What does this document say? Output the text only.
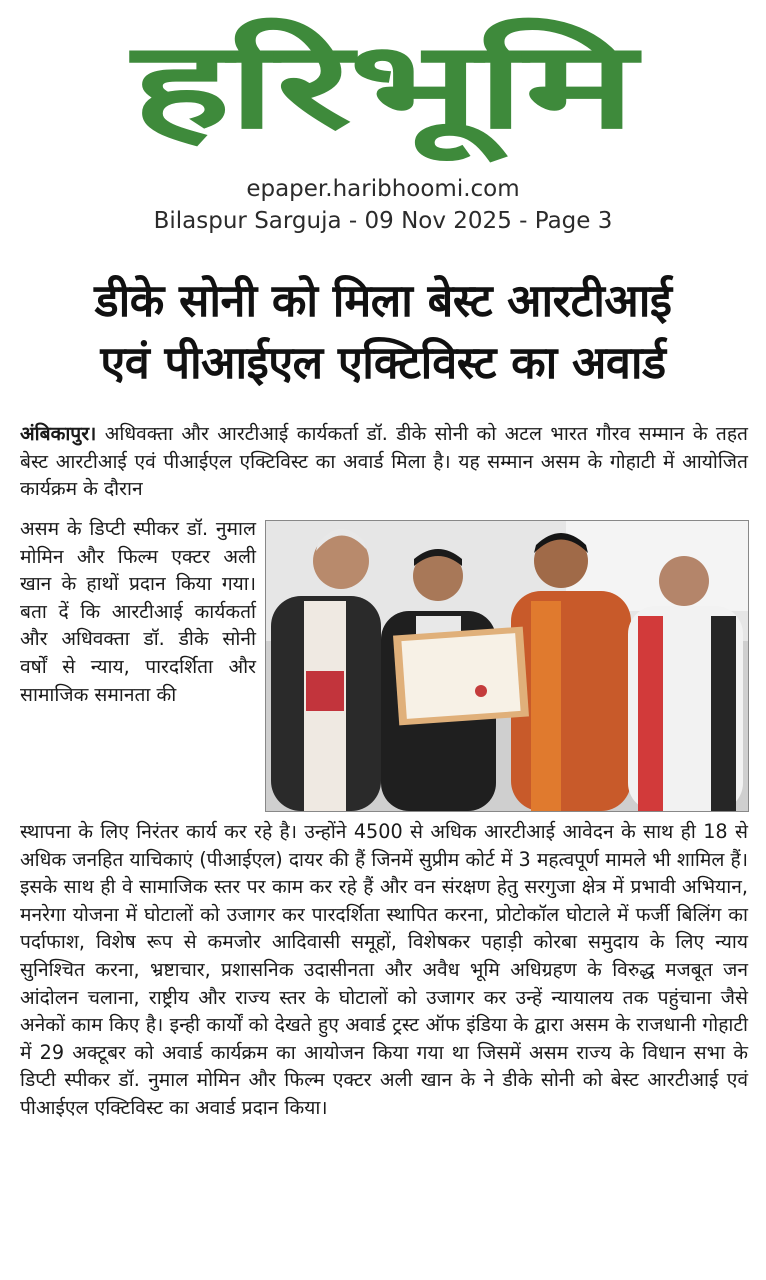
हरिभूमि
epaper.haribhoomi.com
Bilaspur Sarguja - 09 Nov 2025 - Page 3
डीके सोनी को मिला बेस्ट आरटीआई
एवं पीआईएल एक्टिविस्ट का अवार्ड
अंबिकापुर। अधिवक्ता और आरटीआई कार्यकर्ता डॉ. डीके सोनी को अटल भारत गौरव सम्मान के तहत बेस्ट आरटीआई एवं पीआईएल एक्टिविस्ट का अवार्ड मिला है। यह सम्मान असम के गोहाटी में आयोजित कार्यक्रम के दौरान
असम के डिप्टी स्पीकर डॉ. नुमाल मोमिन और फिल्म एक्टर अली खान के हाथों प्रदान किया गया। बता दें कि आरटीआई कार्यकर्ता और अधिवक्ता डॉ. डीके सोनी वर्षों से न्याय, पारदर्शिता और सामाजिक समानता की
स्थापना के लिए निरंतर कार्य कर रहे है। उन्होंने 4500 से अधिक आरटीआई आवेदन के साथ ही 18 से अधिक जनहित याचिकाएं (पीआईएल) दायर की हैं जिनमें सुप्रीम कोर्ट में 3 महत्वपूर्ण मामले भी शामिल हैं। इसके साथ ही वे सामाजिक स्तर पर काम कर रहे हैं और वन संरक्षण हेतु सरगुजा क्षेत्र में प्रभावी अभियान, मनरेगा योजना में घोटालों को उजागर कर पारदर्शिता स्थापित करना, प्रोटोकॉल घोटाले में फर्जी बिलिंग का पर्दाफाश, विशेष रूप से कमजोर आदिवासी समूहों, विशेषकर पहाड़ी कोरबा समुदाय के लिए न्याय सुनिश्चित करना, भ्रष्टाचार, प्रशासनिक उदासीनता और अवैध भूमि अधिग्रहण के विरुद्ध मजबूत जन आंदोलन चलाना, राष्ट्रीय और राज्य स्तर के घोटालों को उजागर कर उन्हें न्यायालय तक पहुंचाना जैसे अनेकों काम किए है। इन्ही कार्यों को देखते हुए अवार्ड ट्रस्ट ऑफ इंडिया के द्वारा असम के राजधानी गोहाटी में 29 अक्टूबर को अवार्ड कार्यक्रम का आयोजन किया गया था जिसमें असम राज्य के विधान सभा के डिप्टी स्पीकर डॉ. नुमाल मोमिन और फिल्म एक्टर अली खान के ने डीके सोनी को बेस्ट आरटीआई एवं पीआईएल एक्टिविस्ट का अवार्ड प्रदान किया।
